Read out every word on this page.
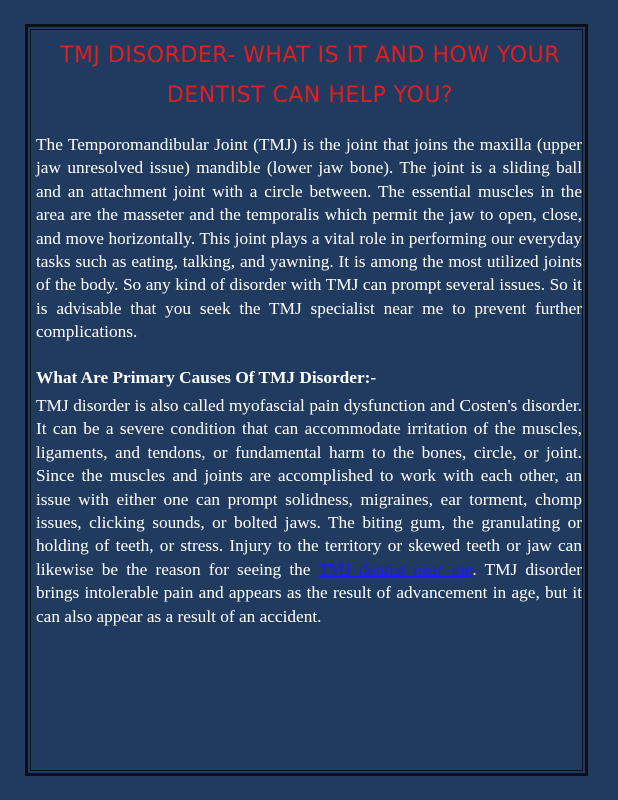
TMJ DISORDER- WHAT IS IT AND HOW YOUR DENTIST CAN HELP YOU?

The Temporomandibular Joint (TMJ) is the joint that joins the maxilla (upper jaw unresolved issue) mandible (lower jaw bone). The joint is a sliding ball and an attachment joint with a circle between. The essential muscles in the area are the masseter and the temporalis which permit the jaw to open, close, and move horizontally. This joint plays a vital role in performing our everyday tasks such as eating, talking, and yawning. It is among the most utilized joints of the body. So any kind of disorder with TMJ can prompt several issues. So it is advisable that you seek the TMJ specialist near me to prevent further complications.

What Are Primary Causes Of TMJ Disorder:-

TMJ disorder is also called myofascial pain dysfunction and Costen's disorder. It can be a severe condition that can accommodate irritation of the muscles, ligaments, and tendons, or fundamental harm to the bones, circle, or joint. Since the muscles and joints are accomplished to work with each other, an issue with either one can prompt solidness, migraines, ear torment, chomp issues, clicking sounds, or bolted jaws. The biting gum, the granulating or holding of teeth, or stress. Injury to the territory or skewed teeth or jaw can likewise be the reason for seeing the TMJ dentist near me. TMJ disorder brings intolerable pain and appears as the result of advancement in age, but it can also appear as a result of an accident.
